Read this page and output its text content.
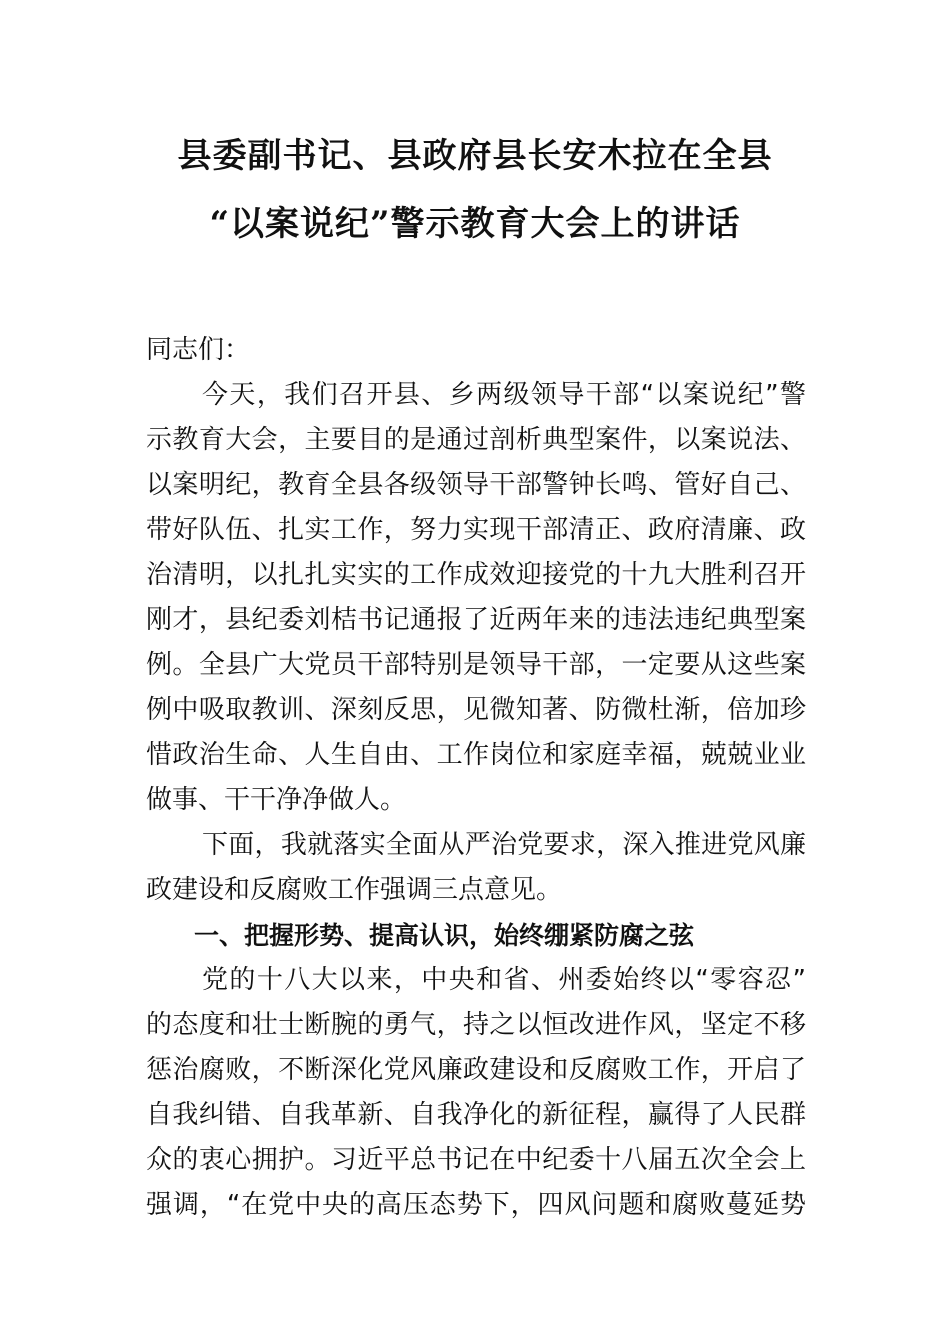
县委副书记、县政府县长安木拉在全县
“以案说纪”警示教育大会上的讲话
同志们：
今天，我们召开县、乡两级领导干部“以案说纪”警
示教育大会，主要目的是通过剖析典型案件，以案说法、
以案明纪，教育全县各级领导干部警钟长鸣、管好自己、
带好队伍、扎实工作，努力实现干部清正、政府清廉、政
治清明，以扎扎实实的工作成效迎接党的十九大胜利召开
刚才，县纪委刘桔书记通报了近两年来的违法违纪典型案
例。全县广大党员干部特别是领导干部，一定要从这些案
例中吸取教训、深刻反思，见微知著、防微杜渐，倍加珍
惜政治生命、人生自由、工作岗位和家庭幸福，兢兢业业
做事、干干净净做人。
下面，我就落实全面从严治党要求，深入推进党风廉
政建设和反腐败工作强调三点意见。
一、把握形势、提高认识，始终绷紧防腐之弦
党的十八大以来，中央和省、州委始终以“零容忍”
的态度和壮士断腕的勇气，持之以恒改进作风，坚定不移
惩治腐败，不断深化党风廉政建设和反腐败工作，开启了
自我纠错、自我革新、自我净化的新征程，赢得了人民群
众的衷心拥护。习近平总书记在中纪委十八届五次全会上
强调，“在党中央的高压态势下，四风问题和腐败蔓延势
